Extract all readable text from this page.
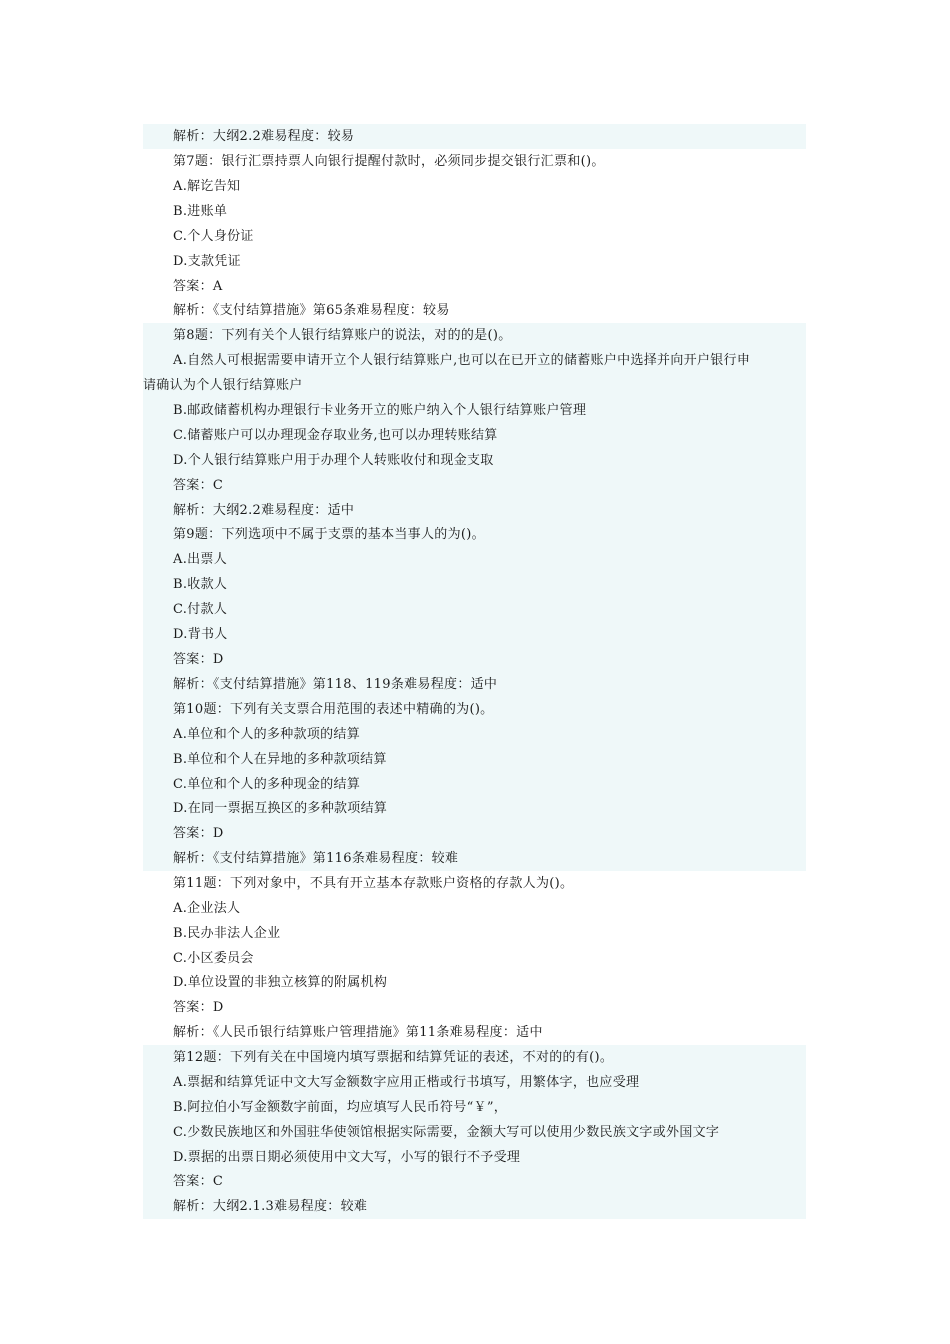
解析：大纲2.2难易程度：较易
第7题：银行汇票持票人向银行提醒付款时，必须同步提交银行汇票和()。
A.解讫告知
B.进账单
C.个人身份证
D.支款凭证
答案：A
解析：《支付结算措施》第65条难易程度：较易
第8题：下列有关个人银行结算账户的说法，对的的是()。
A.自然人可根据需要申请开立个人银行结算账户,也可以在已开立的储蓄账户中选择并向开户银行申
请确认为个人银行结算账户
B.邮政储蓄机构办理银行卡业务开立的账户纳入个人银行结算账户管理
C.储蓄账户可以办理现金存取业务,也可以办理转账结算
D.个人银行结算账户用于办理个人转账收付和现金支取
答案：C
解析：大纲2.2难易程度：适中
第9题：下列选项中不属于支票的基本当事人的为()。
A.出票人
B.收款人
C.付款人
D.背书人
答案：D
解析：《支付结算措施》第118、119条难易程度：适中
第10题：下列有关支票合用范围的表述中精确的为()。
A.单位和个人的多种款项的结算
B.单位和个人在异地的多种款项结算
C.单位和个人的多种现金的结算
D.在同一票据互换区的多种款项结算
答案：D
解析：《支付结算措施》第116条难易程度：较难
第11题：下列对象中，不具有开立基本存款账户资格的存款人为()。
A.企业法人
B.民办非法人企业
C.小区委员会
D.单位设置的非独立核算的附属机构
答案：D
解析：《人民币银行结算账户管理措施》第11条难易程度：适中
第12题：下列有关在中国境内填写票据和结算凭证的表述，不对的的有()。
A.票据和结算凭证中文大写金额数字应用正楷或行书填写，用繁体字，也应受理
B.阿拉伯小写金额数字前面，均应填写人民币符号“￥”，
C.少数民族地区和外国驻华使领馆根据实际需要，金额大写可以使用少数民族文字或外国文字
D.票据的出票日期必须使用中文大写，小写的银行不予受理
答案：C
解析：大纲2.1.3难易程度：较难
